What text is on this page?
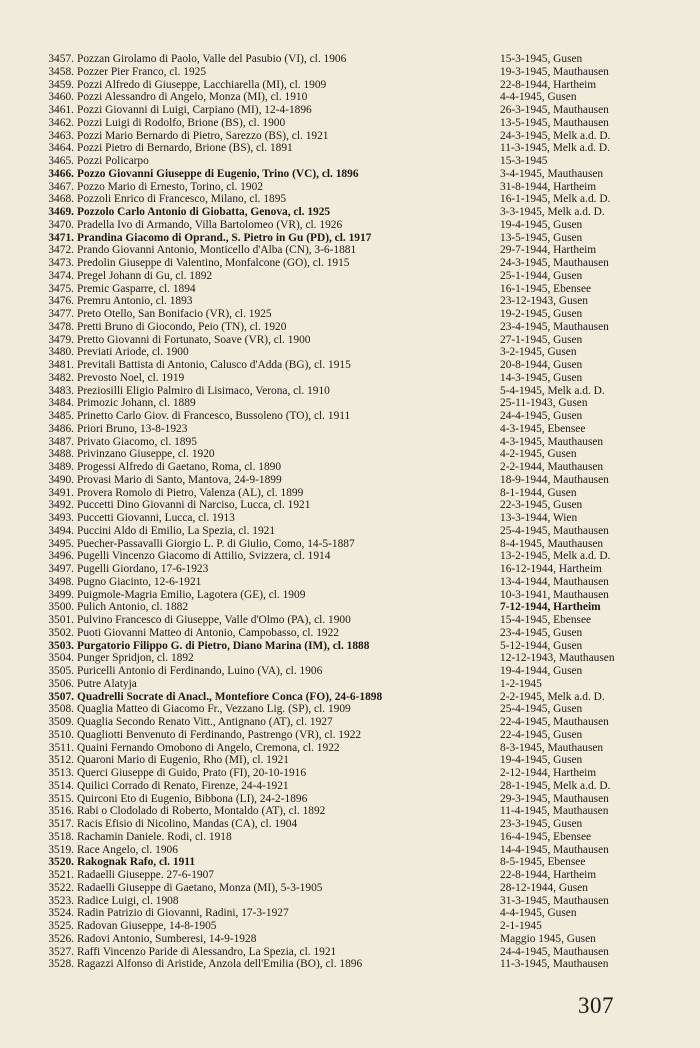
3457. Pozzan Girolamo di Paolo, Valle del Pasubio (VI), cl. 1906	15-3-1945, Gusen
3458. Pozzer Pier Franco, cl. 1925	19-3-1945, Mauthausen
3459. Pozzi Alfredo di Giuseppe, Lacchiarella (MI), cl. 1909	22-8-1944, Hartheim
3460. Pozzi Alessandro di Angelo, Monza (MI), cl. 1910	4-4-1945, Gusen
3461. Pozzi Giovanni di Luigi, Carpiano (MI), 12-4-1896	26-3-1945, Mauthausen
3462. Pozzi Luigi di Rodolfo, Brione (BS), cl. 1900	13-5-1945, Mauthausen
3463. Pozzi Mario Bernardo di Pietro, Sarezzo (BS), cl. 1921	24-3-1945, Melk a.d. D.
3464. Pozzi Pietro di Bernardo, Brione (BS), cl. 1891	11-3-1945, Melk a.d. D.
3465. Pozzi Policarpo	15-3-1945
3466. Pozzo Giovanni Giuseppe di Eugenio, Trino (VC), cl. 1896	3-4-1945, Mauthausen
3467. Pozzo Mario di Ernesto, Torino, cl. 1902	31-8-1944, Hartheim
3468. Pozzoli Enrico di Francesco, Milano, cl. 1895	16-1-1945, Melk a.d. D.
3469. Pozzolo Carlo Antonio di Giobatta, Genova, cl. 1925	3-3-1945, Melk a.d. D.
3470. Pradella Ivo di Armando, Villa Bartolomeo (VR), cl. 1926	19-4-1945, Gusen
3471. Prandina Giacomo di Oprand., S. Pietro in Gu (PD), cl. 1917	13-5-1945, Gusen
3472. Prando Giovanni Antonio, Monticello d'Alba (CN), 3-6-1881	29-7-1944, Hartheim
3473. Predolin Giuseppe di Valentino, Monfalcone (GO), cl. 1915	24-3-1945, Mauthausen
3474. Pregel Johann di Gu, cl. 1892	25-1-1944, Gusen
3475. Premic Gasparre, cl. 1894	16-1-1945, Ebensee
3476. Premru Antonio, cl. 1893	23-12-1943, Gusen
3477. Preto Otello, San Bonifacio (VR), cl. 1925	19-2-1945, Gusen
3478. Pretti Bruno di Giocondo, Peio (TN), cl. 1920	23-4-1945, Mauthausen
3479. Pretto Giovanni di Fortunato, Soave (VR), cl. 1900	27-1-1945, Gusen
3480. Previati Ariode, cl. 1900	3-2-1945, Gusen
3481. Previtali Battista di Antonio, Calusco d'Adda (BG), cl. 1915	20-8-1944, Gusen
3482. Prevosto Noel, cl. 1919	14-3-1945, Gusen
3483. Preziosilli Eligio Palmiro di Lisimaco, Verona, cl. 1910	5-4-1945, Melk a.d. D.
3484. Primozic Johann, cl. 1889	25-11-1943, Gusen
3485. Prinetto Carlo Giov. di Francesco, Bussoleno (TO), cl. 1911	24-4-1945, Gusen
3486. Priori Bruno, 13-8-1923	4-3-1945, Ebensee
3487. Privato Giacomo, cl. 1895	4-3-1945, Mauthausen
3488. Privinzano Giuseppe, cl. 1920	4-2-1945, Gusen
3489. Progessi Alfredo di Gaetano, Roma, cl. 1890	2-2-1944, Mauthausen
3490. Provasi Mario di Santo, Mantova, 24-9-1899	18-9-1944, Mauthausen
3491. Provera Romolo di Pietro, Valenza (AL), cl. 1899	8-1-1944, Gusen
3492. Puccetti Dino Giovanni di Narciso, Lucca, cl. 1921	22-3-1945, Gusen
3493. Puccetti Giovanni, Lucca, cl. 1913	13-3-1944, Wien
3494. Puccini Aldo di Emilio, La Spezia, cl. 1921	25-4-1945, Mauthausen
3495. Puecher-Passavalli Giorgio L. P. di Giulio, Como, 14-5-1887	8-4-1945, Mauthausen
3496. Pugelli Vincenzo Giacomo di Attilio, Svizzera, cl. 1914	13-2-1945, Melk a.d. D.
3497. Pugelli Giordano, 17-6-1923	16-12-1944, Hartheim
3498. Pugno Giacinto, 12-6-1921	13-4-1944, Mauthausen
3499. Puigmole-Magria Emilio, Lagotera (GE), cl. 1909	10-3-1941, Mauthausen
3500. Pulich Antonio, cl. 1882	7-12-1944, Hartheim
3501. Pulvino Francesco di Giuseppe, Valle d'Olmo (PA), cl. 1900	15-4-1945, Ebensee
3502. Puoti Giovanni Matteo di Antonio, Campobasso, cl. 1922	23-4-1945, Gusen
3503. Purgatorio Filippo G. di Pietro, Diano Marina (IM), cl. 1888	5-12-1944, Gusen
3504. Punger Spridjon, cl. 1892	12-12-1943, Mauthausen
3505. Puricelli Antonio di Ferdinando, Luino (VA), cl. 1906	19-4-1944, Gusen
3506. Putre Alatyja	1-2-1945
3507. Quadrelli Socrate di Anacl., Montefiore Conca (FO), 24-6-1898	2-2-1945, Melk a.d. D.
3508. Quaglia Matteo di Giacomo Fr., Vezzano Lig. (SP), cl. 1909	25-4-1945, Gusen
3509. Quaglia Secondo Renato Vitt., Antignano (AT), cl. 1927	22-4-1945, Mauthausen
3510. Quagliotti Benvenuto di Ferdinando, Pastrengo (VR), cl. 1922	22-4-1945, Gusen
3511. Quaini Fernando Omobono di Angelo, Cremona, cl. 1922	8-3-1945, Mauthausen
3512. Quaroni Mario di Eugenio, Rho (MI), cl. 1921	19-4-1945, Gusen
3513. Querci Giuseppe di Guido, Prato (FI), 20-10-1916	2-12-1944, Hartheim
3514. Quilici Corrado di Renato, Firenze, 24-4-1921	28-1-1945, Melk a.d. D.
3515. Quirconi Eto di Eugenio, Bibbona (LI), 24-2-1896	29-3-1945, Mauthausen
3516. Rabi o Clodolado di Roberto, Montaldo (AT), cl. 1892	11-4-1945, Mauthausen
3517. Racis Efisio di Nicolino, Mandas (CA), cl. 1904	23-3-1945, Gusen
3518. Rachamin Daniele. Rodi, cl. 1918	16-4-1945, Ebensee
3519. Race Angelo, cl. 1906	14-4-1945, Mauthausen
3520. Rakognak Rafo, cl. 1911	8-5-1945, Ebensee
3521. Radaelli Giuseppe. 27-6-1907	22-8-1944, Hartheim
3522. Radaelli Giuseppe di Gaetano, Monza (MI), 5-3-1905	28-12-1944, Gusen
3523. Radice Luigi, cl. 1908	31-3-1945, Mauthausen
3524. Radin Patrizio di Giovanni, Radini, 17-3-1927	4-4-1945, Gusen
3525. Radovan Giuseppe, 14-8-1905	2-1-1945
3526. Radovi Antonio, Sumberesi, 14-9-1928	Maggio 1945, Gusen
3527. Raffi Vincenzo Paride di Alessandro, La Spezia, cl. 1921	24-4-1945, Mauthausen
3528. Ragazzi Alfonso di Aristide, Anzola dell'Emilia (BO), cl. 1896	11-3-1945, Mauthausen
307
